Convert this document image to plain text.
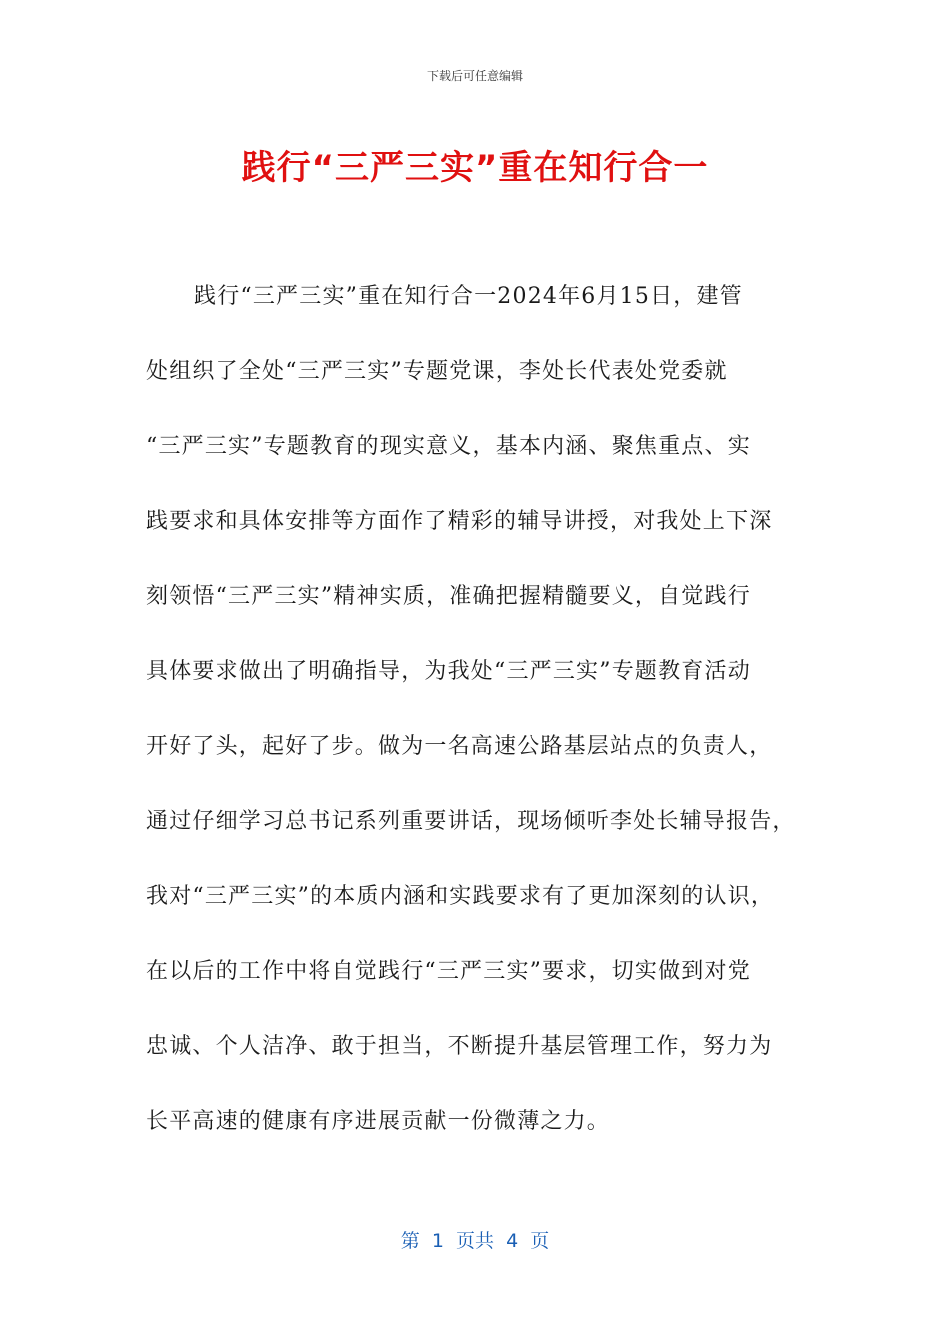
下载后可任意编辑
践行“三严三实”重在知行合一
践行“三严三实”重在知行合一2024年6月15日，建管
处组织了全处“三严三实”专题党课，李处长代表处党委就
“三严三实”专题教育的现实意义，基本内涵、聚焦重点、实
践要求和具体安排等方面作了精彩的辅导讲授，对我处上下深
刻领悟“三严三实”精神实质，准确把握精髓要义，自觉践行
具体要求做出了明确指导，为我处“三严三实”专题教育活动
开好了头，起好了步。做为一名高速公路基层站点的负责人，
通过仔细学习总书记系列重要讲话，现场倾听李处长辅导报告，
我对“三严三实”的本质内涵和实践要求有了更加深刻的认识，
在以后的工作中将自觉践行“三严三实”要求，切实做到对党
忠诚、个人洁净、敢于担当，不断提升基层管理工作，努力为
长平高速的健康有序进展贡献一份微薄之力。
第  1  页共  4  页
